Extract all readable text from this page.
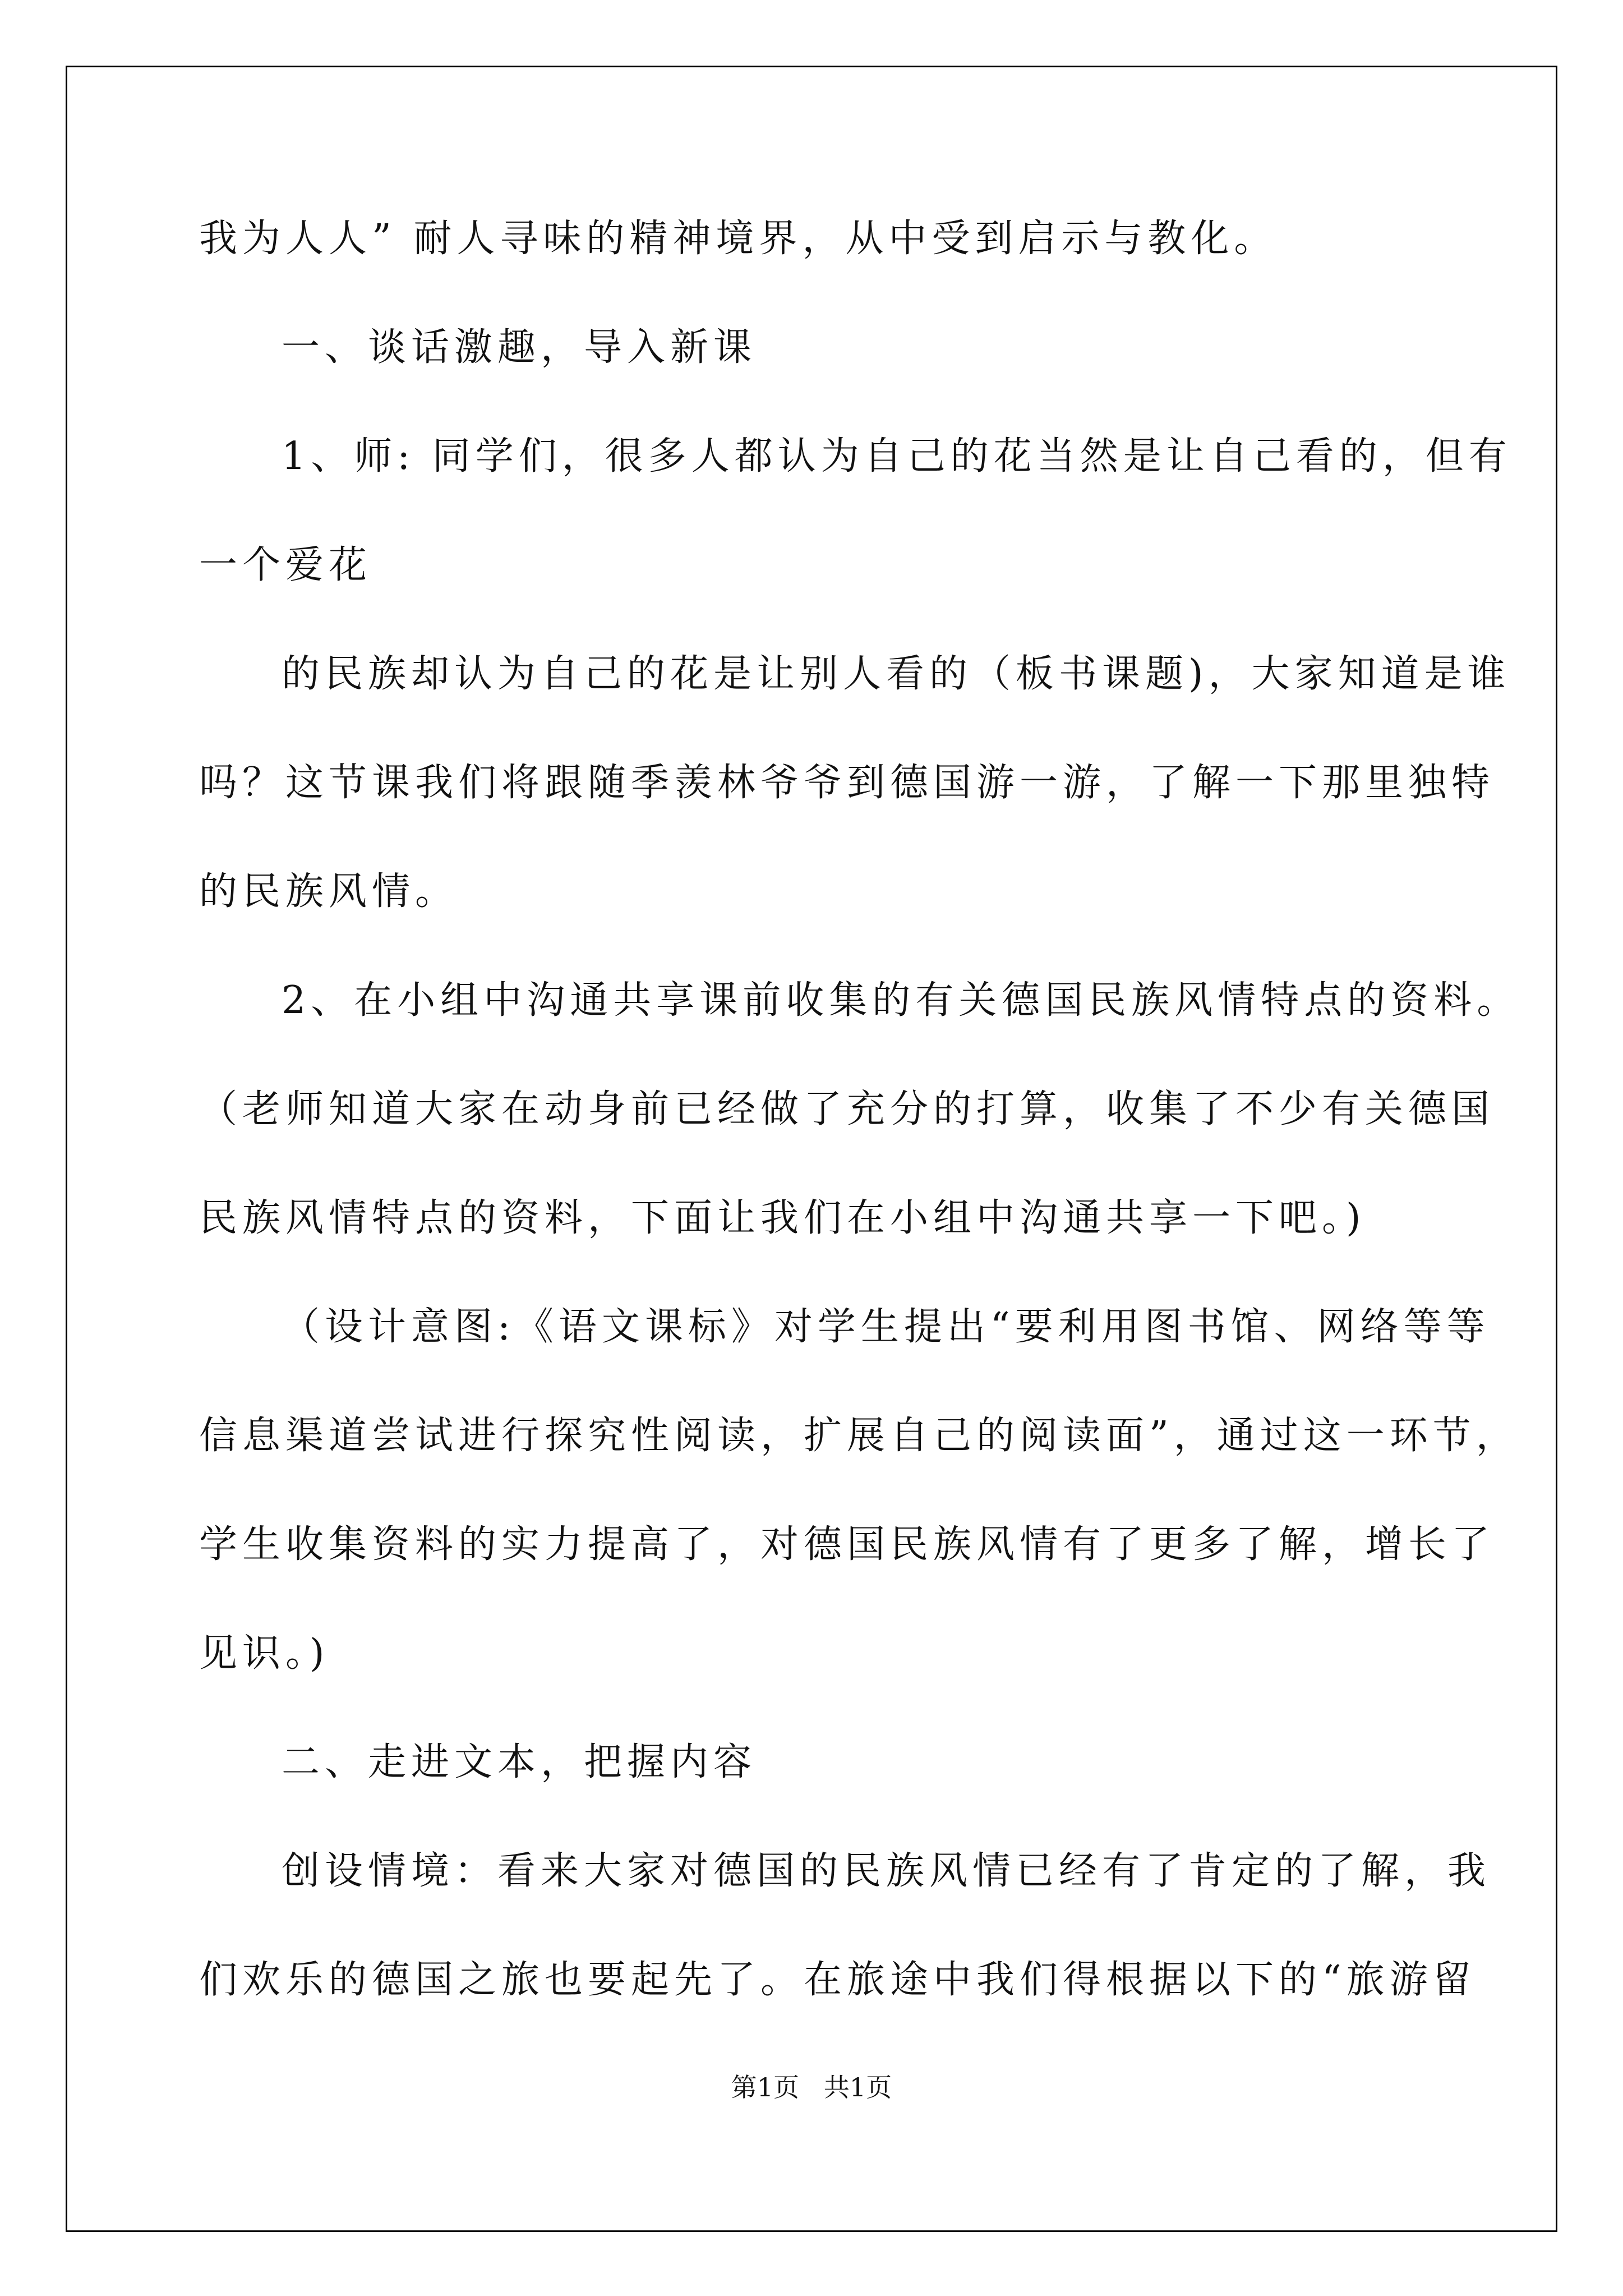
我为人人” 耐人寻味的精神境界，从中受到启示与教化。
一、谈话激趣，导入新课
1、师: 同学们，很多人都认为自己的花当然是让自己看的，但有
一个爱花
的民族却认为自己的花是让别人看的（板书课题)，大家知道是谁
吗？这节课我们将跟随季羡林爷爷到德国游一游，了解一下那里独特
的民族风情。
2、在小组中沟通共享课前收集的有关德国民族风情特点的资料。
（老师知道大家在动身前已经做了充分的打算，收集了不少有关德国
民族风情特点的资料，下面让我们在小组中沟通共享一下吧。)
（设计意图:《语文课标》对学生提出“要利用图书馆、网络等等
信息渠道尝试进行探究性阅读，扩展自己的阅读面”，通过这一环节，
学生收集资料的实力提高了，对德国民族风情有了更多了解，增长了
见识。)
二、走进文本，把握内容
创设情境：看来大家对德国的民族风情已经有了肯定的了解，我
们欢乐的德国之旅也要起先了。在旅途中我们得根据以下的“旅游留
第1页   共1页
